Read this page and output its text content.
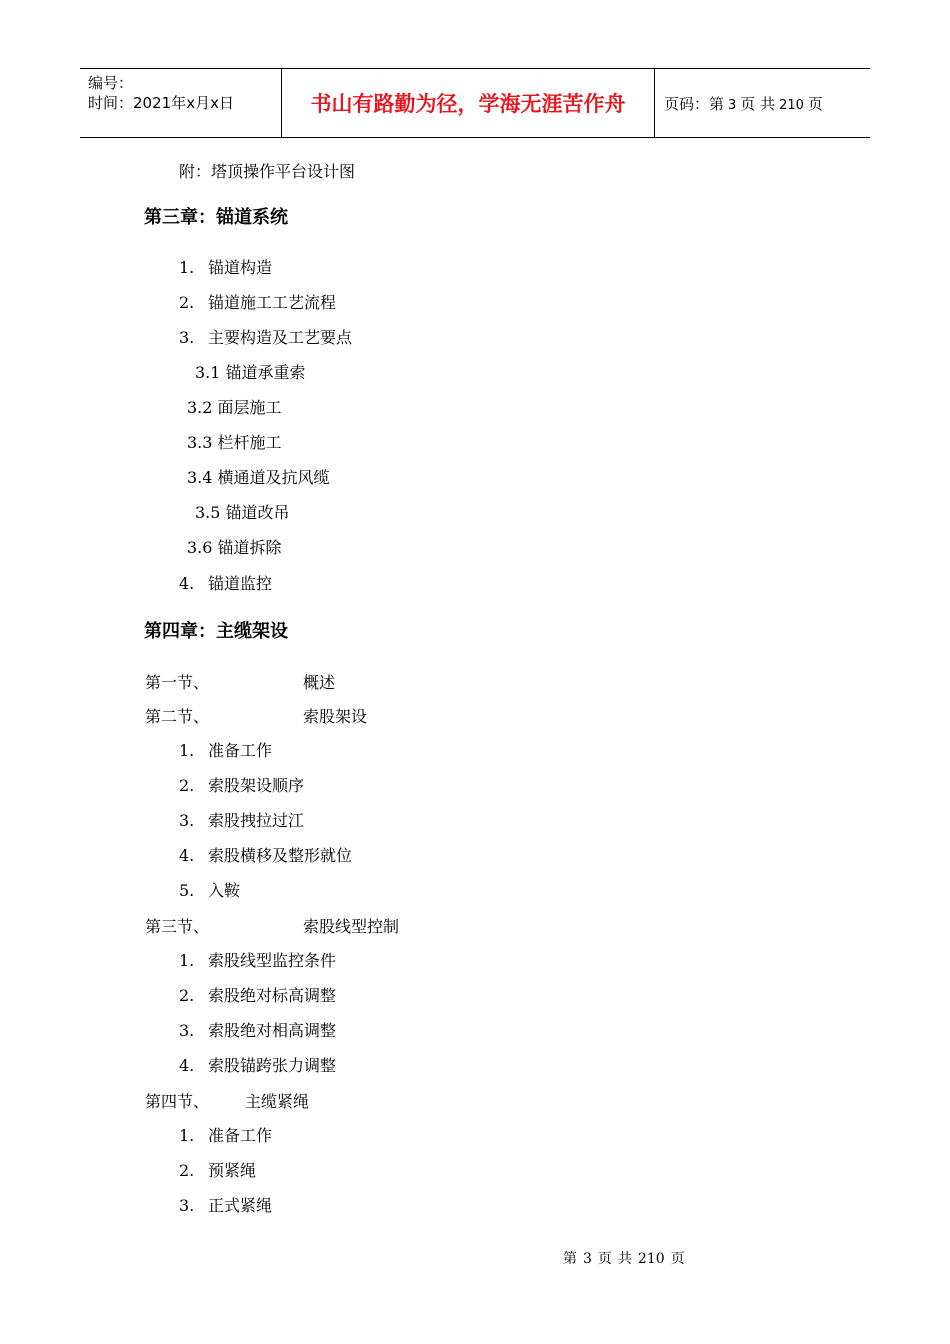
编号：
时间：2021年x月x日	书山有路勤为径，学海无涯苦作舟	页码：第 3 页 共 210 页
附：塔顶操作平台设计图
第三章：锚道系统
1. 锚道构造
2. 锚道施工工艺流程
3. 主要构造及工艺要点
3.1 锚道承重索
3.2 面层施工
3.3 栏杆施工
3.4 横通道及抗风缆
3.5 锚道改吊
3.6 锚道拆除
4. 锚道监控
第四章：主缆架设
第一节、	概述
第二节、	索股架设
1. 准备工作
2. 索股架设顺序
3. 索股拽拉过江
4. 索股横移及整形就位
5. 入鞍
第三节、	索股线型控制
1. 索股线型监控条件
2. 索股绝对标高调整
3. 索股绝对相高调整
4. 索股锚跨张力调整
第四节、 主缆紧绳
1. 准备工作
2. 预紧绳
3. 正式紧绳
第 3 页 共 210 页
